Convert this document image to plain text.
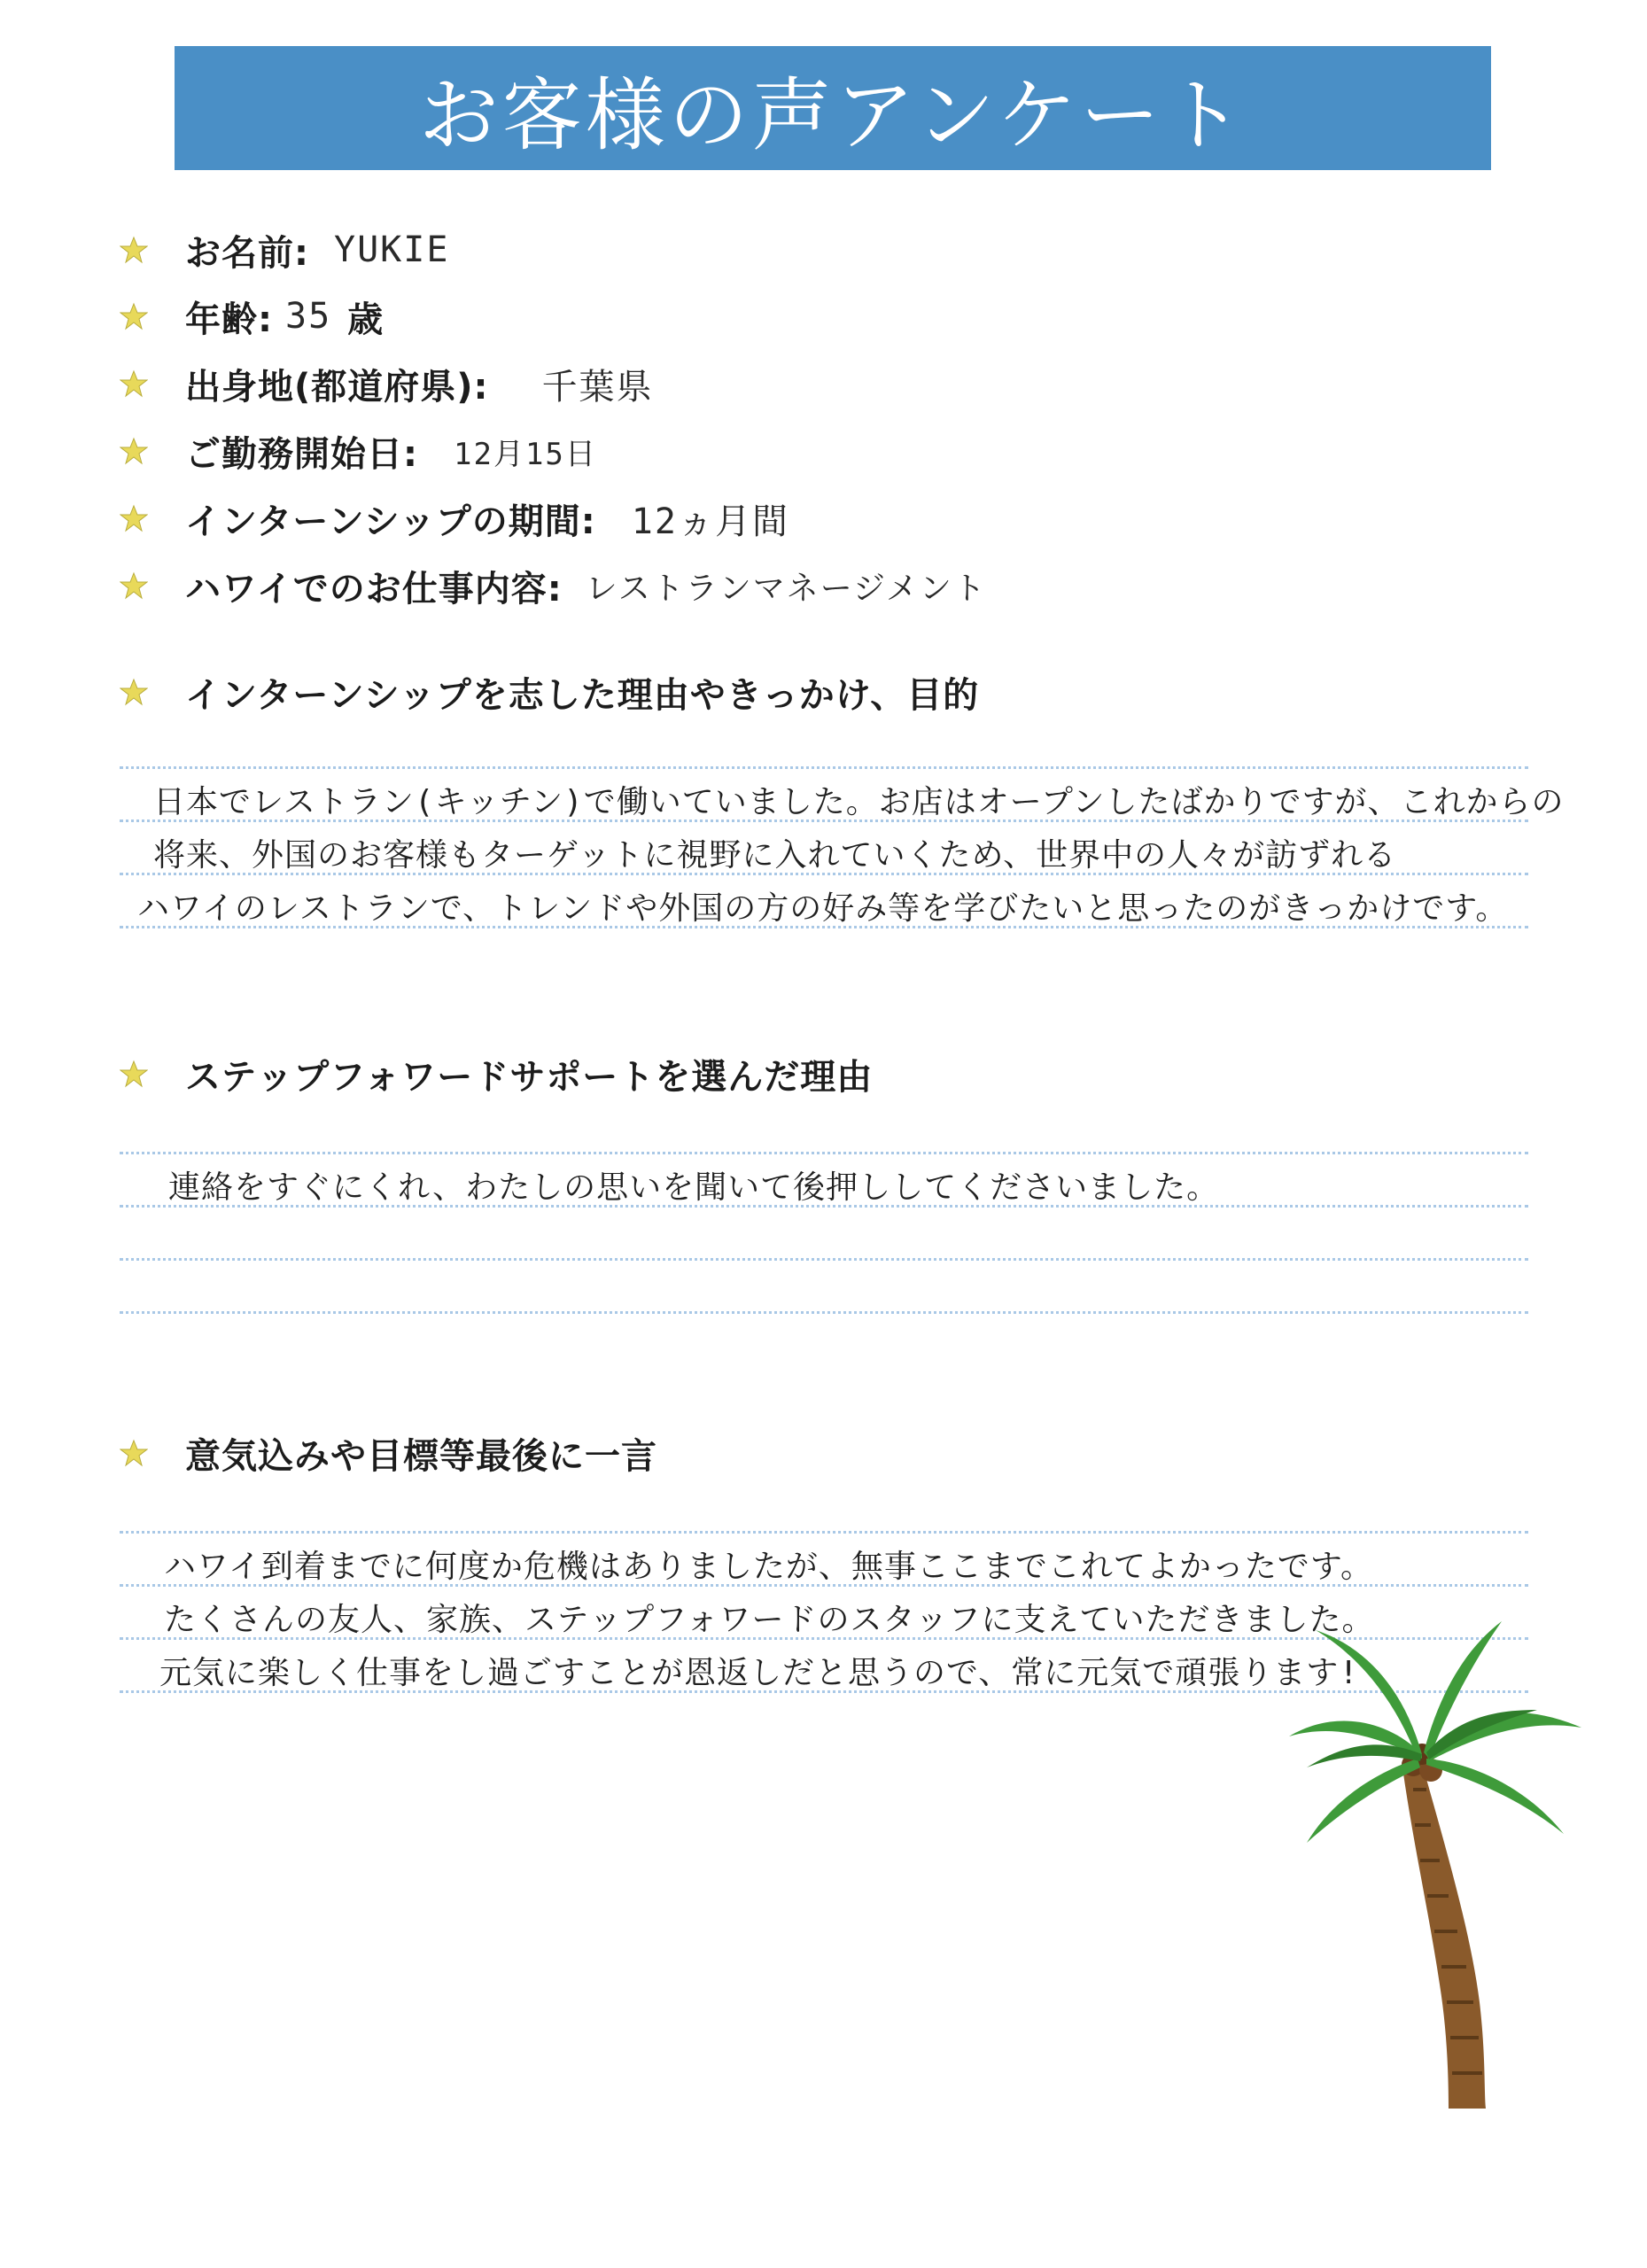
お客様の声アンケート
お名前: YUKIE
年齢: 35 歳
出身地(都道府県): 千葉県
ご勤務開始日: 12月15日
インターンシップの期間: 12ヵ月間
ハワイでのお仕事内容: レストランマネージメント
インターンシップを志した理由やきっかけ、目的
日本でレストラン(キッチン)で働いていました。お店はオープンしたばかりですが、これからの
将来、外国のお客様もターゲットに視野に入れていくため、世界中の人々が訪ずれる
ハワイのレストランで、トレンドや外国の方の好み等を学びたいと思ったのがきっかけです。
ステップフォワードサポートを選んだ理由
連絡をすぐにくれ、わたしの思いを聞いて後押ししてくださいました。
意気込みや目標等最後に一言
ハワイ到着までに何度か危機はありましたが、無事ここまでこれてよかったです。
たくさんの友人、家族、ステップフォワードのスタッフに支えていただきました。
元気に楽しく仕事をし過ごすことが恩返しだと思うので、常に元気で頑張ります!
